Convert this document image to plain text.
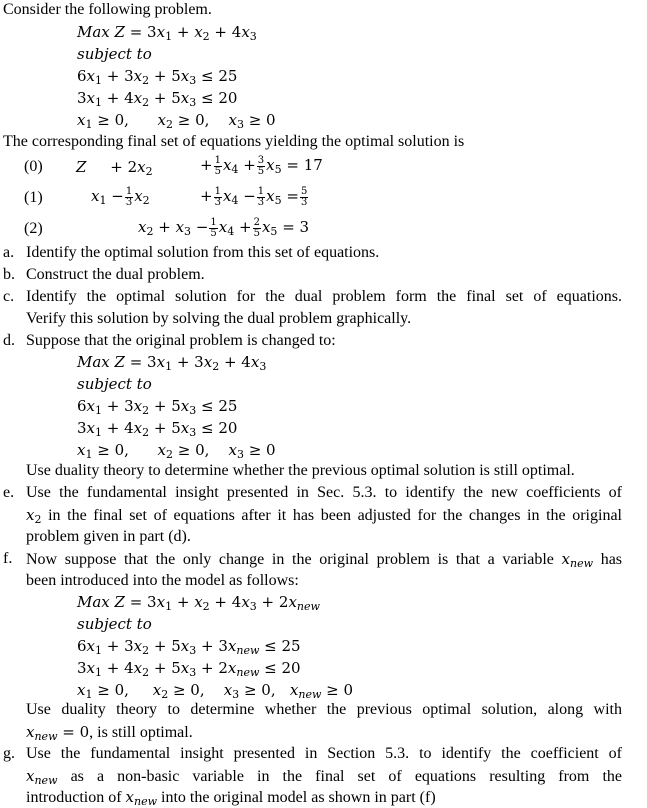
Consider the following problem.
Max $Z = 3x_1 + x_2 + 4x_3$
subject to
$6x_1 + 3x_2 + 5x_3 \le 25$
$3x_1 + 4x_2 + 5x_3 \le 20$
$x_1 \ge 0$,      $x_2 \ge 0$,    $x_3 \ge 0$
The corresponding final set of equations yielding the optimal solution is
(0) Z     + $2x_2$	+ $\frac{1}{5} x_4 + \frac{3}{5} x_5 = 17$
(1)	$x_1 - \frac{1}{3} x_2$	+ $\frac{1}{3} x_4 - \frac{1}{3} x_5 = \frac{5}{3}$
(2)	$x_2 + x_3 - \frac{1}{5} x_4 + \frac{2}{5} x_5 = 3$
a. Identify the optimal solution from this set of equations.
b. Construct the dual problem.
c. Identify the optimal solution for the dual problem form the final set of equations.
Verify this solution by solving the dual problem graphically.
d. Suppose that the original problem is changed to:
Max $Z = 3x_1 + 3x_2 + 4x_3$
subject to
$6x_1 + 3x_2 + 5x_3 \le 25$
$3x_1 + 4x_2 + 5x_3 \le 20$
$x_1 \ge 0$,      $x_2 \ge 0$,    $x_3 \ge 0$
Use duality theory to determine whether the previous optimal solution is still optimal.
e. Use the fundamental insight presented in Sec. 5.3. to identify the new coefficients of
$x_2$ in the final set of equations after it has been adjusted for the changes in the original
problem given in part (d).
f. Now suppose that the only change in the original problem is that a variable $x_{new}$ has
been introduced into the model as follows:
Max $Z = 3x_1 + x_2 + 4x_3 + 2x_{new}$
subject to
$6x_1 + 3x_2 + 5x_3 + 3x_{new} \le 25$
$3x_1 + 4x_2 + 5x_3 + 2x_{new} \le 20$
$x_1 \ge 0$,     $x_2 \ge 0$,    $x_3 \ge 0$,   $x_{new} \ge 0$
Use duality theory to determine whether the previous optimal solution, along with
$x_{new} = 0$, is still optimal.
g. Use the fundamental insight presented in Section 5.3. to identify the coefficient of
$x_{new}$ as a non-basic variable in the final set of equations resulting from the
introduction of $x_{new}$ into the original model as shown in part (f)
